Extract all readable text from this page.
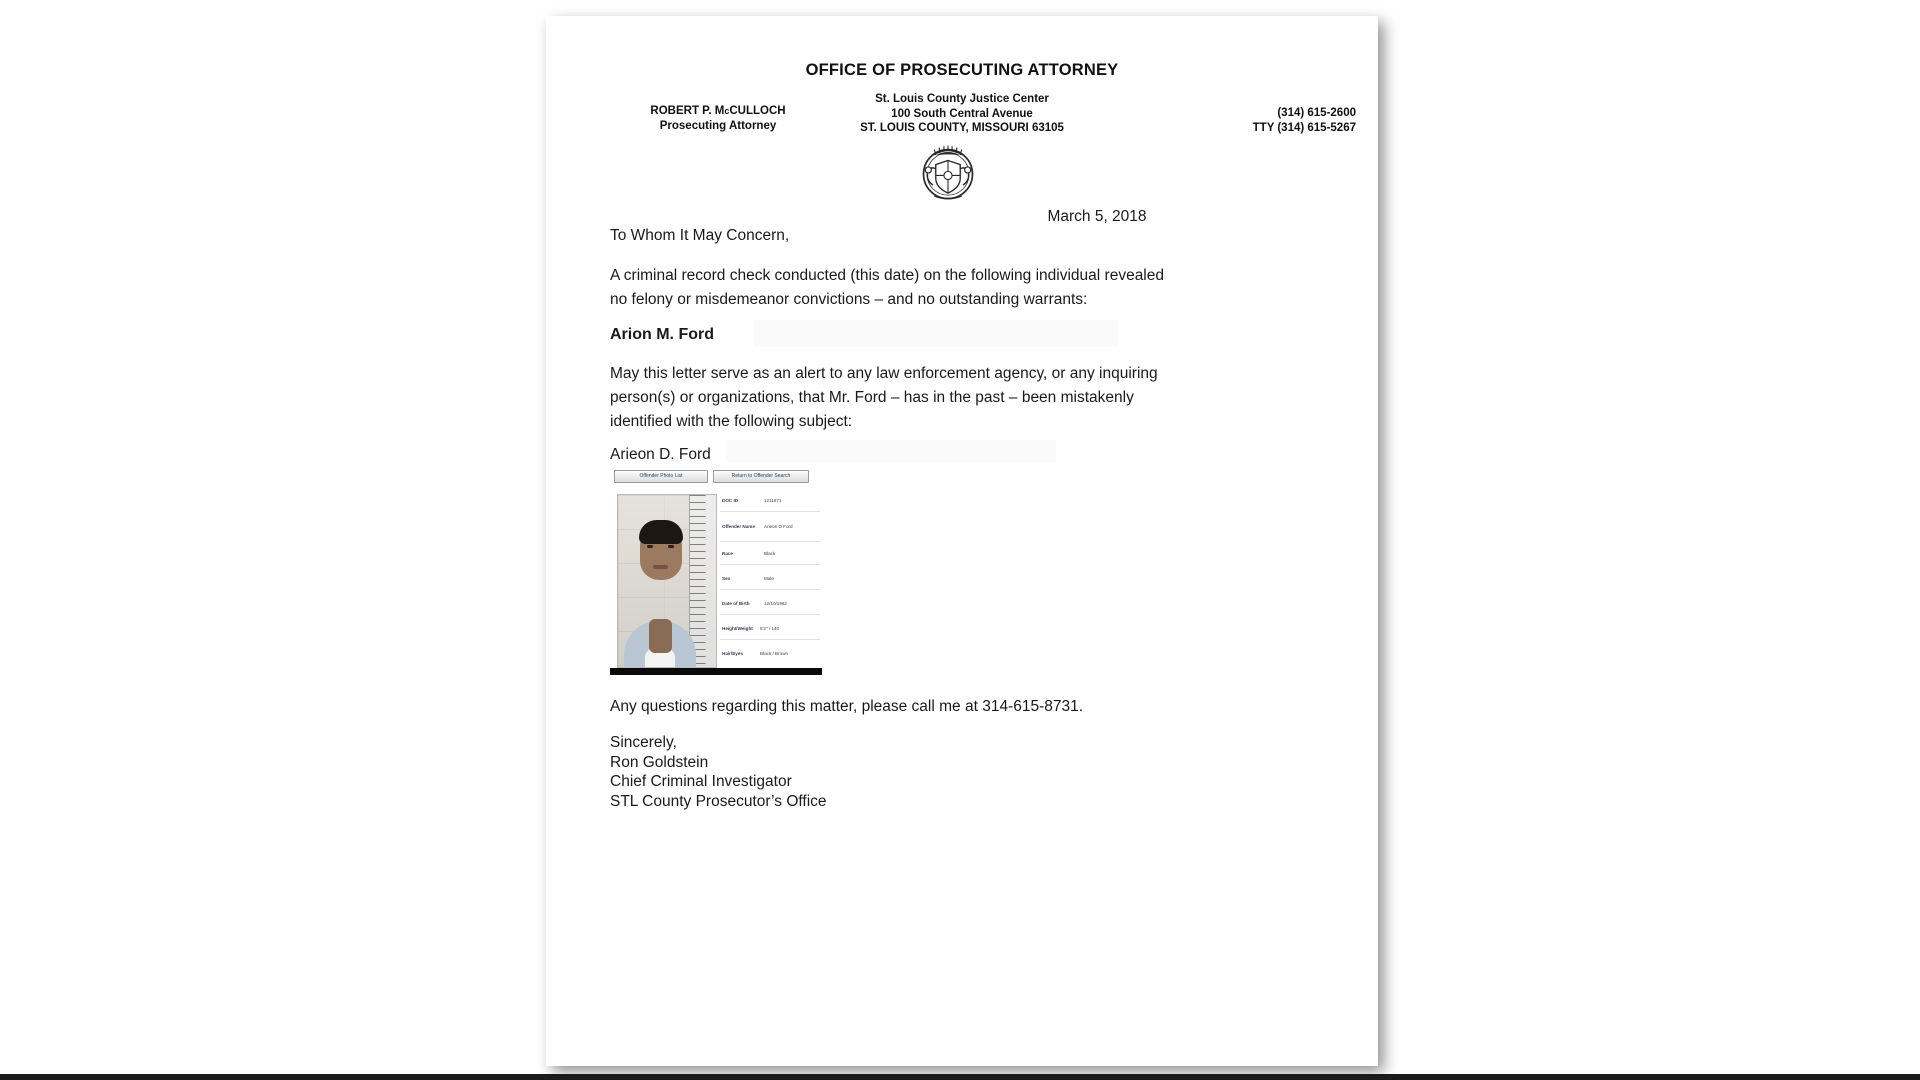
OFFICE OF PROSECUTING ATTORNEY
ROBERT P. McCULLOCH
Prosecuting Attorney
St. Louis County Justice Center
100 South Central Avenue
ST. LOUIS COUNTY, MISSOURI 63105
(314) 615-2600
TTY (314) 615-5267
March 5, 2018
To Whom It May Concern,
A criminal record check conducted (this date) on the following individual revealed no felony or misdemeanor convictions – and no outstanding warrants:
Arion M. Ford
May this letter serve as an alert to any law enforcement agency, or any inquiring person(s) or organizations, that Mr. Ford – has in the past – been mistakenly identified with the following subject:
Arieon D. Ford
Offender Photo List	Return to Offender Search
·
DOC ID	1211671
Offender Name	Arieon D Ford
Race	Black
Sex	Male
Date of Birth	12/10/1962
Height/Weight	5'2" / 140
Hair/Eyes	Black / Brown
Any questions regarding this matter, please call me at 314-615-8731.
Sincerely,
Ron Goldstein
Chief Criminal Investigator
STL County Prosecutor’s Office
